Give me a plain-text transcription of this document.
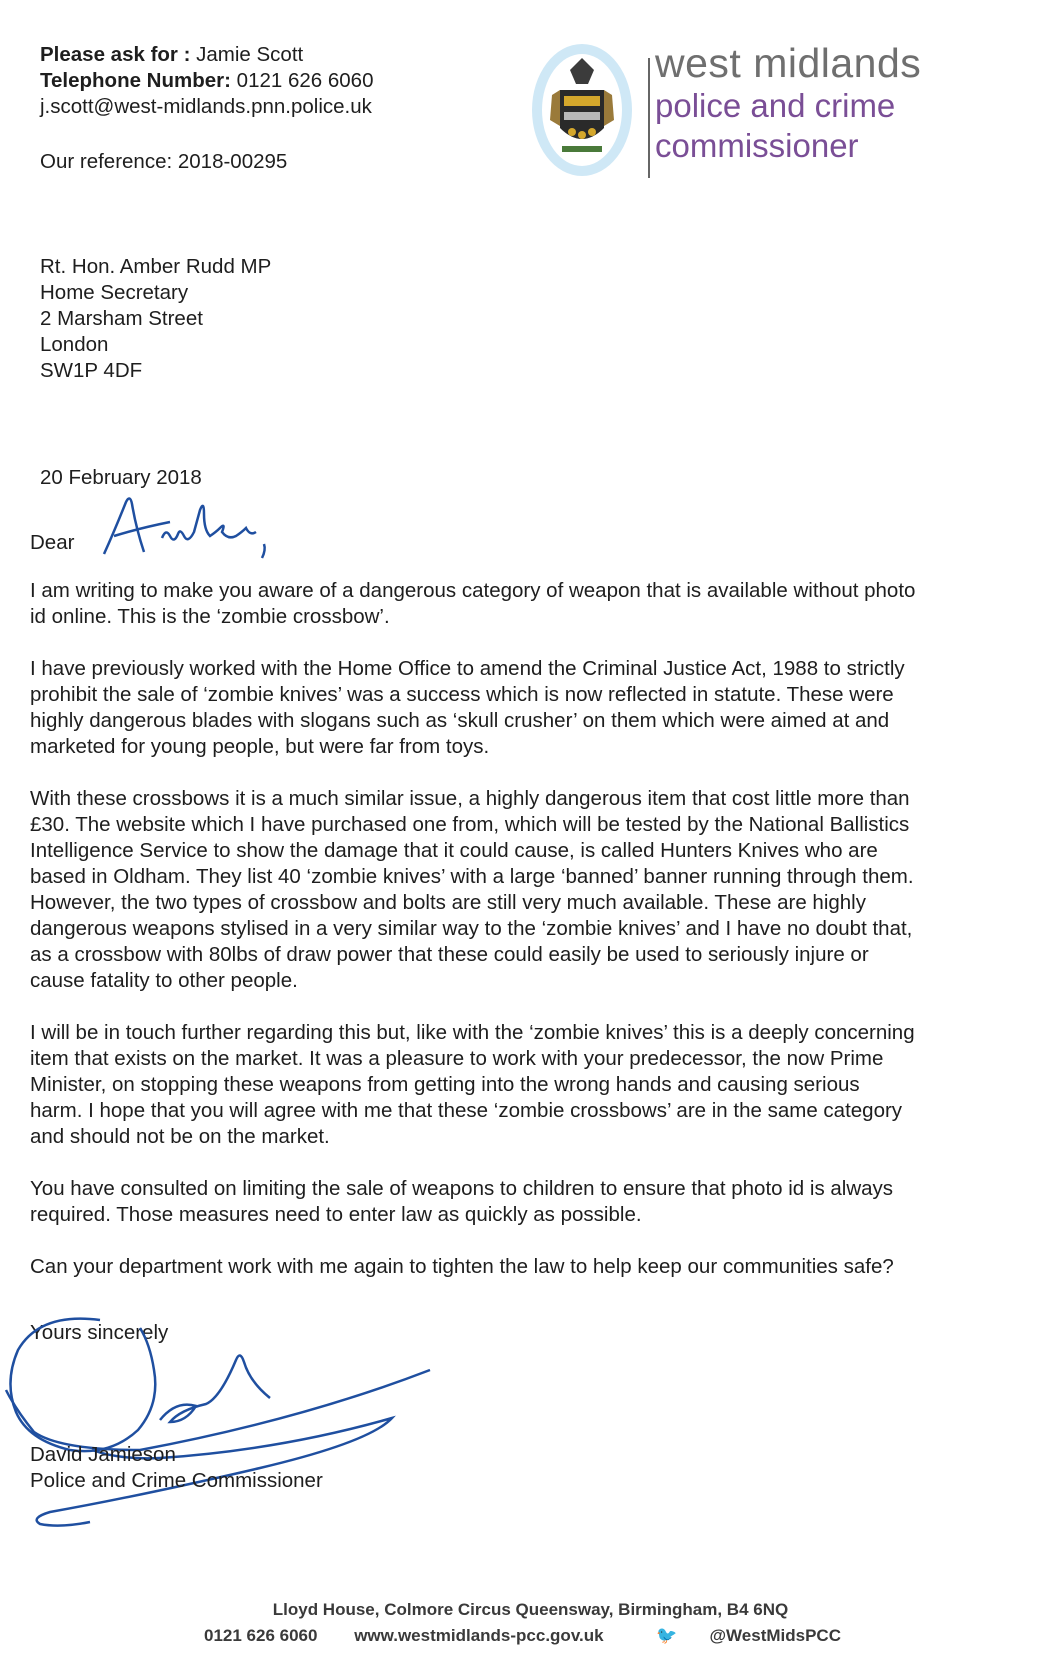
Please ask for : Jamie Scott
Telephone Number: 0121 626 6060
j.scott@west-midlands.pnn.police.uk
Our reference: 2018-00295
west midlands
police and crime
commissioner
Rt. Hon. Amber Rudd MP
Home Secretary
2 Marsham Street
London
SW1P 4DF
20 February 2018
Dear
I am writing to make you aware of a dangerous category of weapon that is available without photo
id online. This is the ‘zombie crossbow’.
I have previously worked with the Home Office to amend the Criminal Justice Act, 1988 to strictly
prohibit the sale of ‘zombie knives’ was a success which is now reflected in statute. These were
highly dangerous blades with slogans such as ‘skull crusher’ on them which were aimed at and
marketed for young people, but were far from toys.
With these crossbows it is a much similar issue, a highly dangerous item that cost little more than
£30. The website which I have purchased one from, which will be tested by the National Ballistics
Intelligence Service to show the damage that it could cause, is called Hunters Knives who are
based in Oldham. They list 40 ‘zombie knives’ with a large ‘banned’ banner running through them.
However, the two types of crossbow and bolts are still very much available. These are highly
dangerous weapons stylised in a very similar way to the ‘zombie knives’ and I have no doubt that,
as a crossbow with 80lbs of draw power that these could easily be used to seriously injure or
cause fatality to other people.
I will be in touch further regarding this but, like with the ‘zombie knives’ this is a deeply concerning
item that exists on the market. It was a pleasure to work with your predecessor, the now Prime
Minister, on stopping these weapons from getting into the wrong hands and causing serious
harm. I hope that you will agree with me that these ‘zombie crossbows’ are in the same category
and should not be on the market.
You have consulted on limiting the sale of weapons to children to ensure that photo id is always
required. Those measures need to enter law as quickly as possible.
Can your department work with me again to tighten the law to help keep our communities safe?
Yours sincerely
David Jamieson
Police and Crime Commissioner
Lloyd House, Colmore Circus Queensway, Birmingham, B4 6NQ
0121 626 6060 www.westmidlands-pcc.gov.uk	🐦 @WestMidsPCC
